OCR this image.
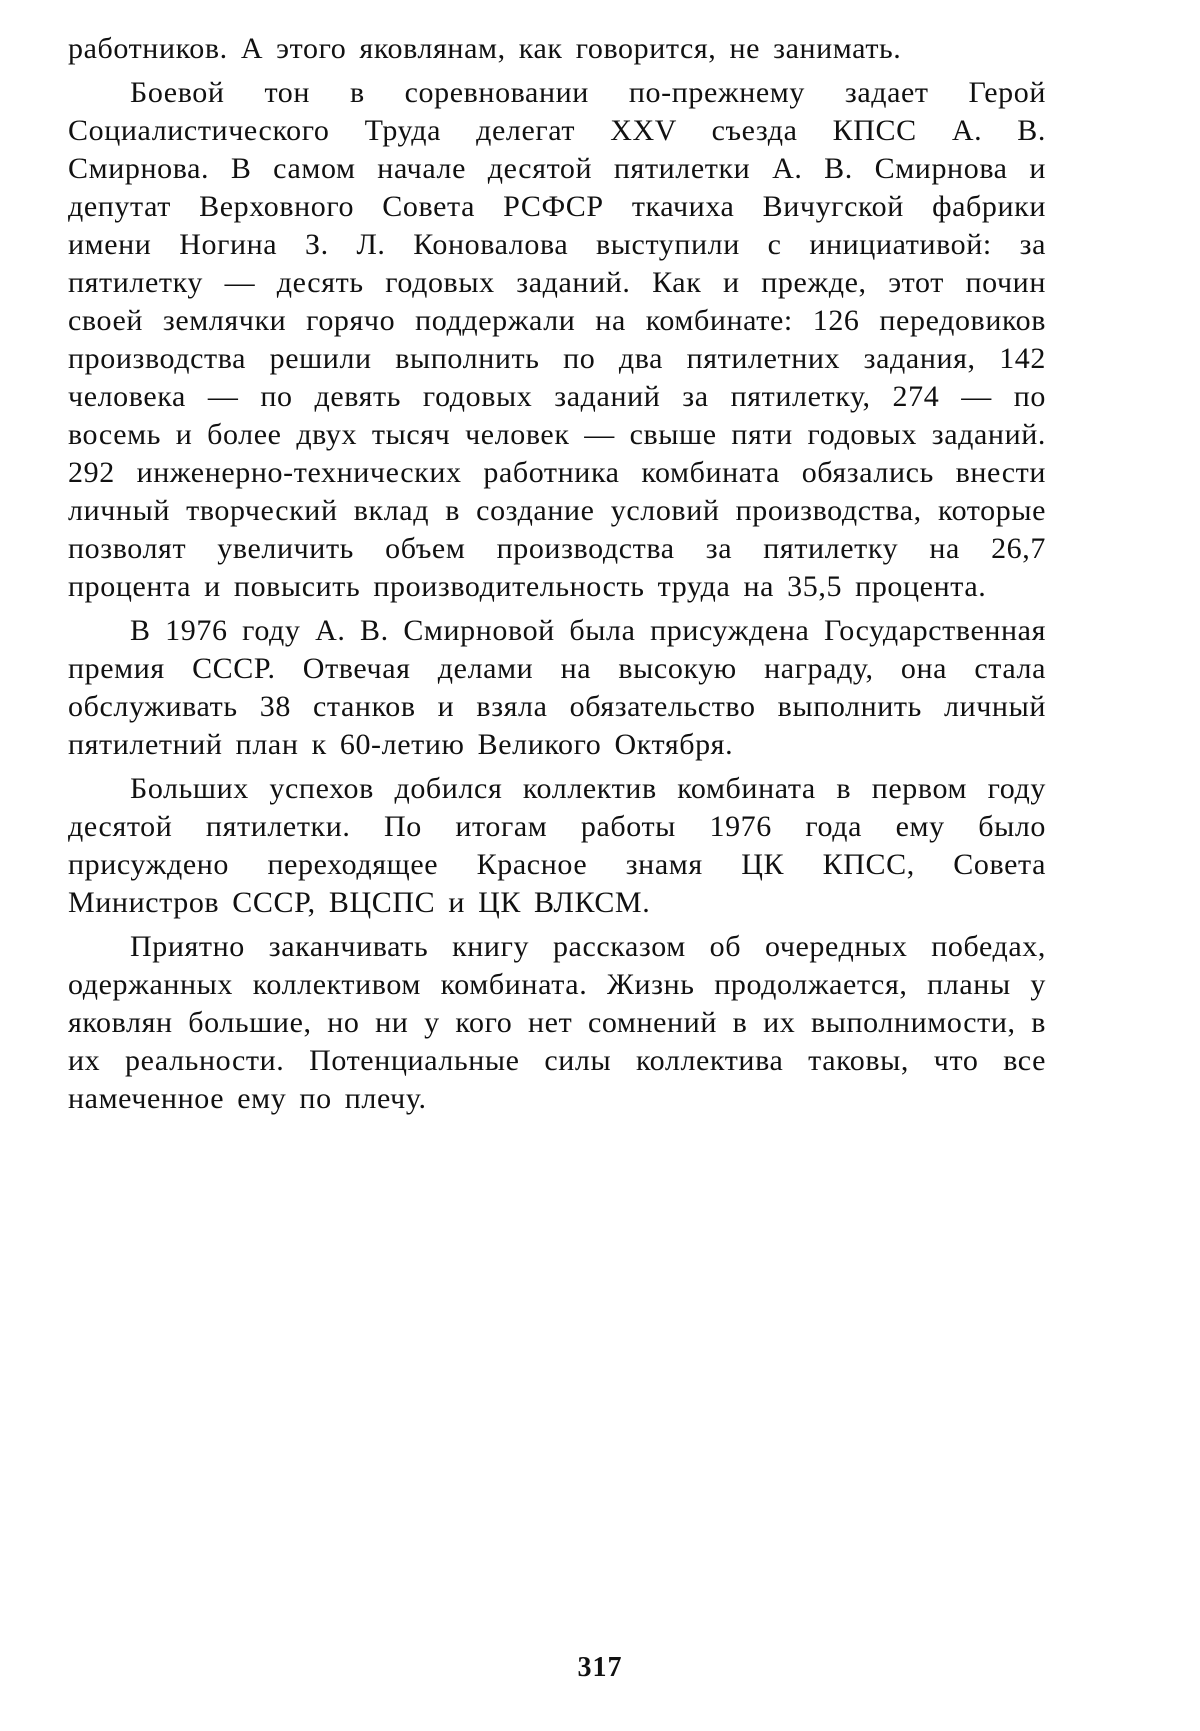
работников. А этого яковлянам, как говорится, не занимать.

Боевой тон в соревновании по-прежнему задает Герой Социалистического Труда делегат XXV съезда КПСС А. В. Смирнова. В самом начале десятой пятилетки А. В. Смирнова и депутат Верховного Совета РСФСР ткачиха Вичугской фабрики имени Ногина З. Л. Коновалова выступили с инициативой: за пятилетку — десять годовых заданий. Как и прежде, этот почин своей землячки горячо поддержали на комбинате: 126 передовиков производства решили выполнить по два пятилетних задания, 142 человека — по девять годовых заданий за пятилетку, 274 — по восемь и более двух тысяч человек — свыше пяти годовых заданий. 292 инженерно-технических работника комбината обязались внести личный творческий вклад в создание условий производства, которые позволят увеличить объем производства за пятилетку на 26,7 процента и повысить производительность труда на 35,5 процента.

В 1976 году А. В. Смирновой была присуждена Государственная премия СССР. Отвечая делами на высокую награду, она стала обслуживать 38 станков и взяла обязательство выполнить личный пятилетний план к 60-летию Великого Октября.

Больших успехов добился коллектив комбината в первом году десятой пятилетки. По итогам работы 1976 года ему было присуждено переходящее Красное знамя ЦК КПСС, Совета Министров СССР, ВЦСПС и ЦК ВЛКСМ.

Приятно заканчивать книгу рассказом об очередных победах, одержанных коллективом комбината. Жизнь продолжается, планы у яковлян большие, но ни у кого нет сомнений в их выполнимости, в их реальности. Потенциальные силы коллектива таковы, что все намеченное ему по плечу.

317
